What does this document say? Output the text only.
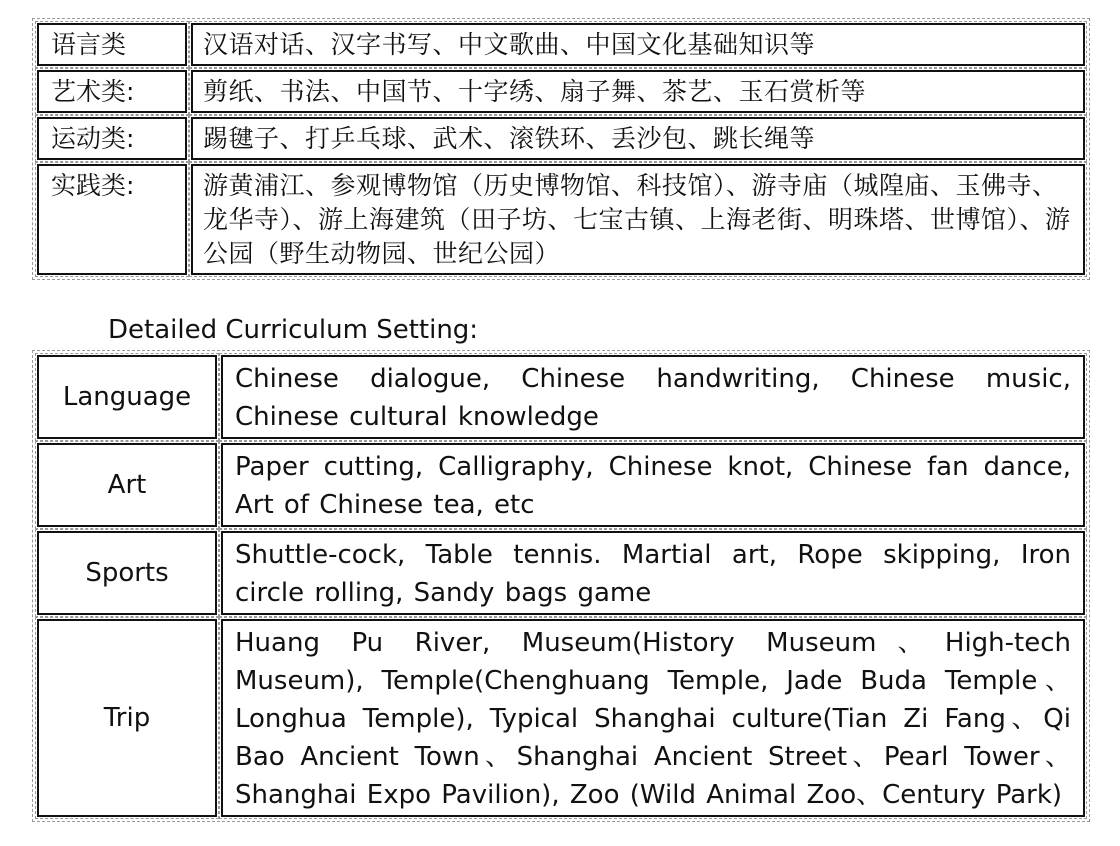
语言类	汉语对话、汉字书写、中文歌曲、中国文化基础知识等
艺术类:	剪纸、书法、中国节、十字绣、扇子舞、茶艺、玉石赏析等
运动类:	踢毽子、打乒乓球、武术、滚铁环、丢沙包、跳长绳等
实践类:	游黄浦江、参观博物馆（历史博物馆、科技馆）、游寺庙（城隍庙、玉佛寺、龙华寺）、游上海建筑（田子坊、七宝古镇、上海老街、明珠塔、世博馆）、游公园（野生动物园、世纪公园）
Detailed Curriculum Setting:
Language	Chinese dialogue, Chinese handwriting, Chinese music, Chinese cultural knowledge
Art	Paper cutting, Calligraphy, Chinese knot, Chinese fan dance, Art of Chinese tea, etc
Sports	Shuttle-cock, Table tennis. Martial art, Rope skipping, Iron circle rolling, Sandy bags game
Trip	Huang Pu River, Museum(History Museum、High-tech Museum), Temple(Chenghuang Temple, Jade Buda Temple、Longhua Temple), Typical Shanghai culture(Tian Zi Fang、Qi Bao Ancient Town、Shanghai Ancient Street、Pearl Tower、Shanghai Expo Pavilion), Zoo (Wild Animal Zoo、Century Park)
